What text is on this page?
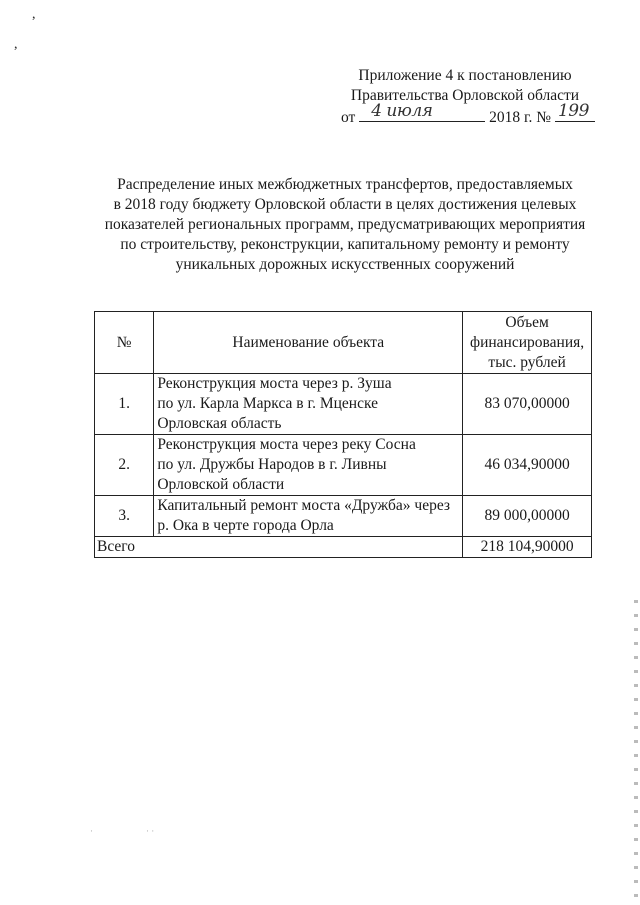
,
,
Приложение 4 к постановлению
Правительства Орловской области
от 4 июля	2018 г. № 199
Распределение иных межбюджетных трансфертов, предоставляемых
в 2018 году бюджету Орловской области в целях достижения целевых
показателей региональных программ, предусматривающих мероприятия
по строительству, реконструкции, капитальному ремонту и ремонту
уникальных дорожных искусственных сооружений
№	Наименование объекта	Объем
финансирования,
тыс. рублей

1.	Реконструкция моста через р. Зуша
по ул. Карла Маркса в г. Мценске
Орловская область	83 070,00000
2.	Реконструкция моста через реку Сосна
по ул. Дружбы Народов в г. Ливны
Орловской области	46 034,90000
3.	Капитальный ремонт моста «Дружба» через
р. Ока в черте города Орла	89 000,00000
Всего		218 104,90000
·	· ·
